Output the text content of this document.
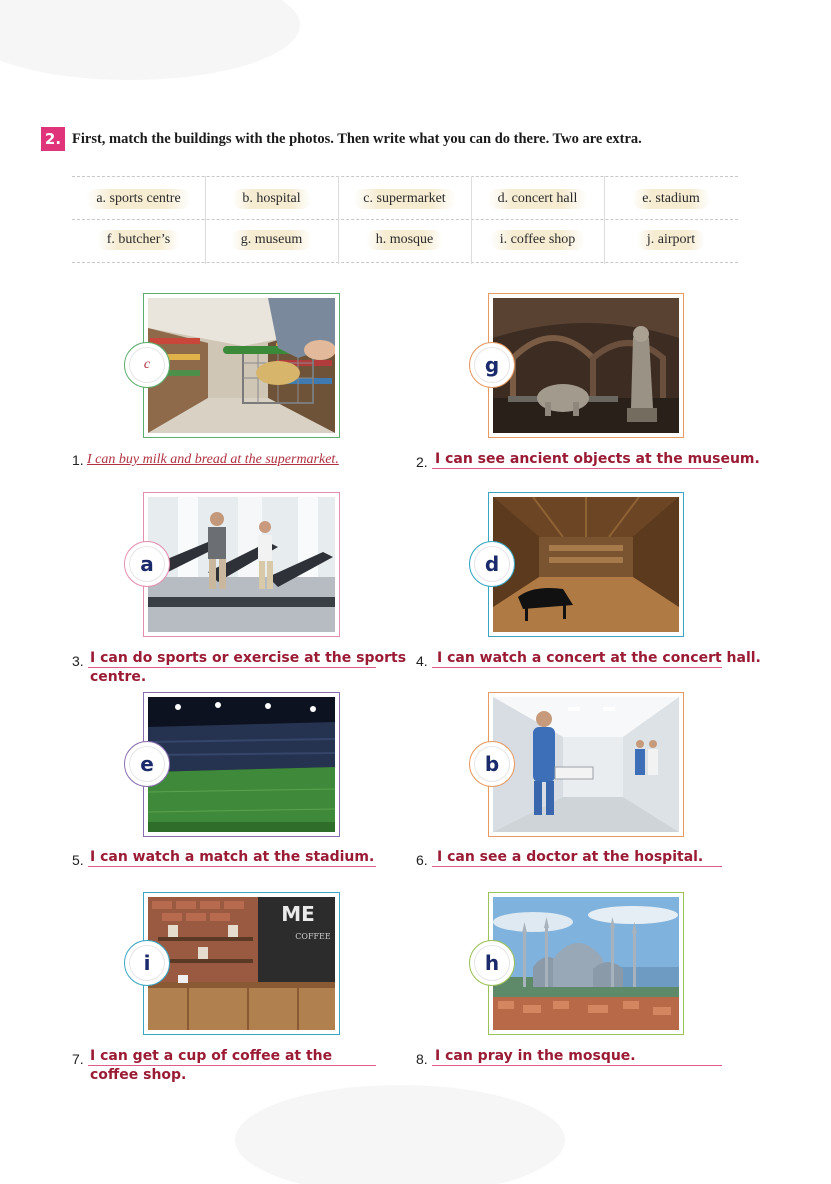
2. First, match the buildings with the photos. Then write what you can do there. Two are extra.
a. sports centre	b. hospital	c. supermarket	d. concert hall	e. stadium
f. butcher’s	g. museum	h. mosque	i. coffee shop	j. airport
c
1. I can buy milk and bread at the supermarket.
g
2. I can see ancient objects at the museum.
a
3. I can do sports or exercise at the sports centre.
d
4. I can watch a concert at the concert hall.
e
5. I can watch a match at the stadium.
b
6. I can see a doctor at the hospital.
ME
COFFEE
i
7. I can get a cup of coffee at the coffee shop.
h
8. I can pray in the mosque.
